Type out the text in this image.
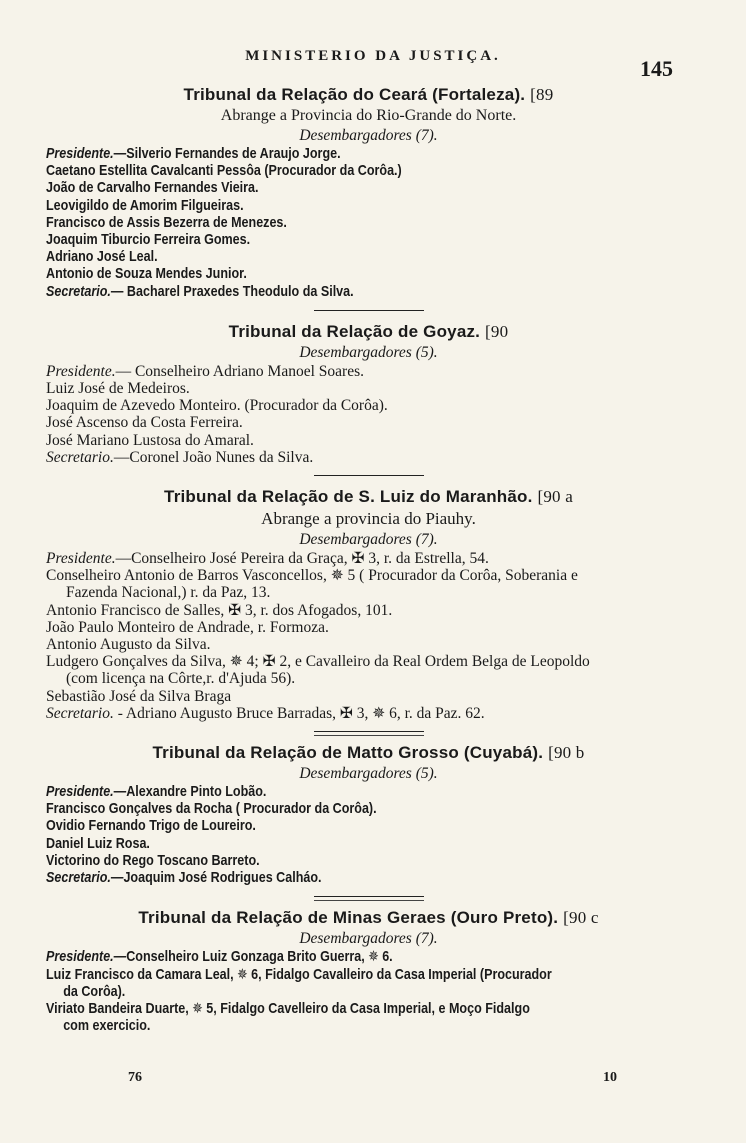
MINISTERIO DA JUSTIÇA.	145
Tribunal da Relação do Ceará (Fortaleza). [89
Abrange a Provincia do Rio-Grande do Norte.
Desembargadores (7).
Presidente.—Silverio Fernandes de Araujo Jorge.
Caetano Estellita Cavalcanti Pessôa (Procurador da Corôa.)
João de Carvalho Fernandes Vieira.
Leovigildo de Amorim Filgueiras.
Francisco de Assis Bezerra de Menezes.
Joaquim Tiburcio Ferreira Gomes.
Adriano José Leal.
Antonio de Souza Mendes Junior.
Secretario.— Bacharel Praxedes Theodulo da Silva.
Tribunal da Relação de Goyaz. [90
Desembargadores (5).
Presidente.— Conselheiro Adriano Manoel Soares.
Luiz José de Medeiros.
Joaquim de Azevedo Monteiro. (Procurador da Corôa).
José Ascenso da Costa Ferreira.
José Mariano Lustosa do Amaral.
Secretario.—Coronel João Nunes da Silva.
Tribunal da Relação de S. Luiz do Maranhão. [90 a
Abrange a provincia do Piauhy.
Desembargadores (7).
Presidente.—Conselheiro José Pereira da Graça, ✠ 3, r. da Estrella, 54.
Conselheiro Antonio de Barros Vasconcellos, ✵ 5 ( Procurador da Corôa, Soberania e
Fazenda Nacional,) r. da Paz, 13.
Antonio Francisco de Salles, ✠ 3, r. dos Afogados, 101.
João Paulo Monteiro de Andrade, r. Formoza.
Antonio Augusto da Silva.
Ludgero Gonçalves da Silva, ✵ 4; ✠ 2, e Cavalleiro da Real Ordem Belga de Leopoldo
(com licença na Côrte,r. d'Ajuda 56).
Sebastião José da Silva Braga
Secretario. - Adriano Augusto Bruce Barradas, ✠ 3, ✵ 6, r. da Paz. 62.
Tribunal da Relação de Matto Grosso (Cuyabá). [90 b
Desembargadores (5).
Presidente.—Alexandre Pinto Lobão.
Francisco Gonçalves da Rocha ( Procurador da Corôa).
Ovidio Fernando Trigo de Loureiro.
Daniel Luiz Rosa.
Victorino do Rego Toscano Barreto.
Secretario.—Joaquim José Rodrigues Calháo.
Tribunal da Relação de Minas Geraes (Ouro Preto). [90 c
Desembargadores (7).
Presidente.—Conselheiro Luiz Gonzaga Brito Guerra, ✵ 6.
Luiz Francisco da Camara Leal, ✵ 6, Fidalgo Cavalleiro da Casa Imperial (Procurador
da Corôa).
Viriato Bandeira Duarte, ✵ 5, Fidalgo Cavelleiro da Casa Imperial, e Moço Fidalgo
com exercicio.
76	10
